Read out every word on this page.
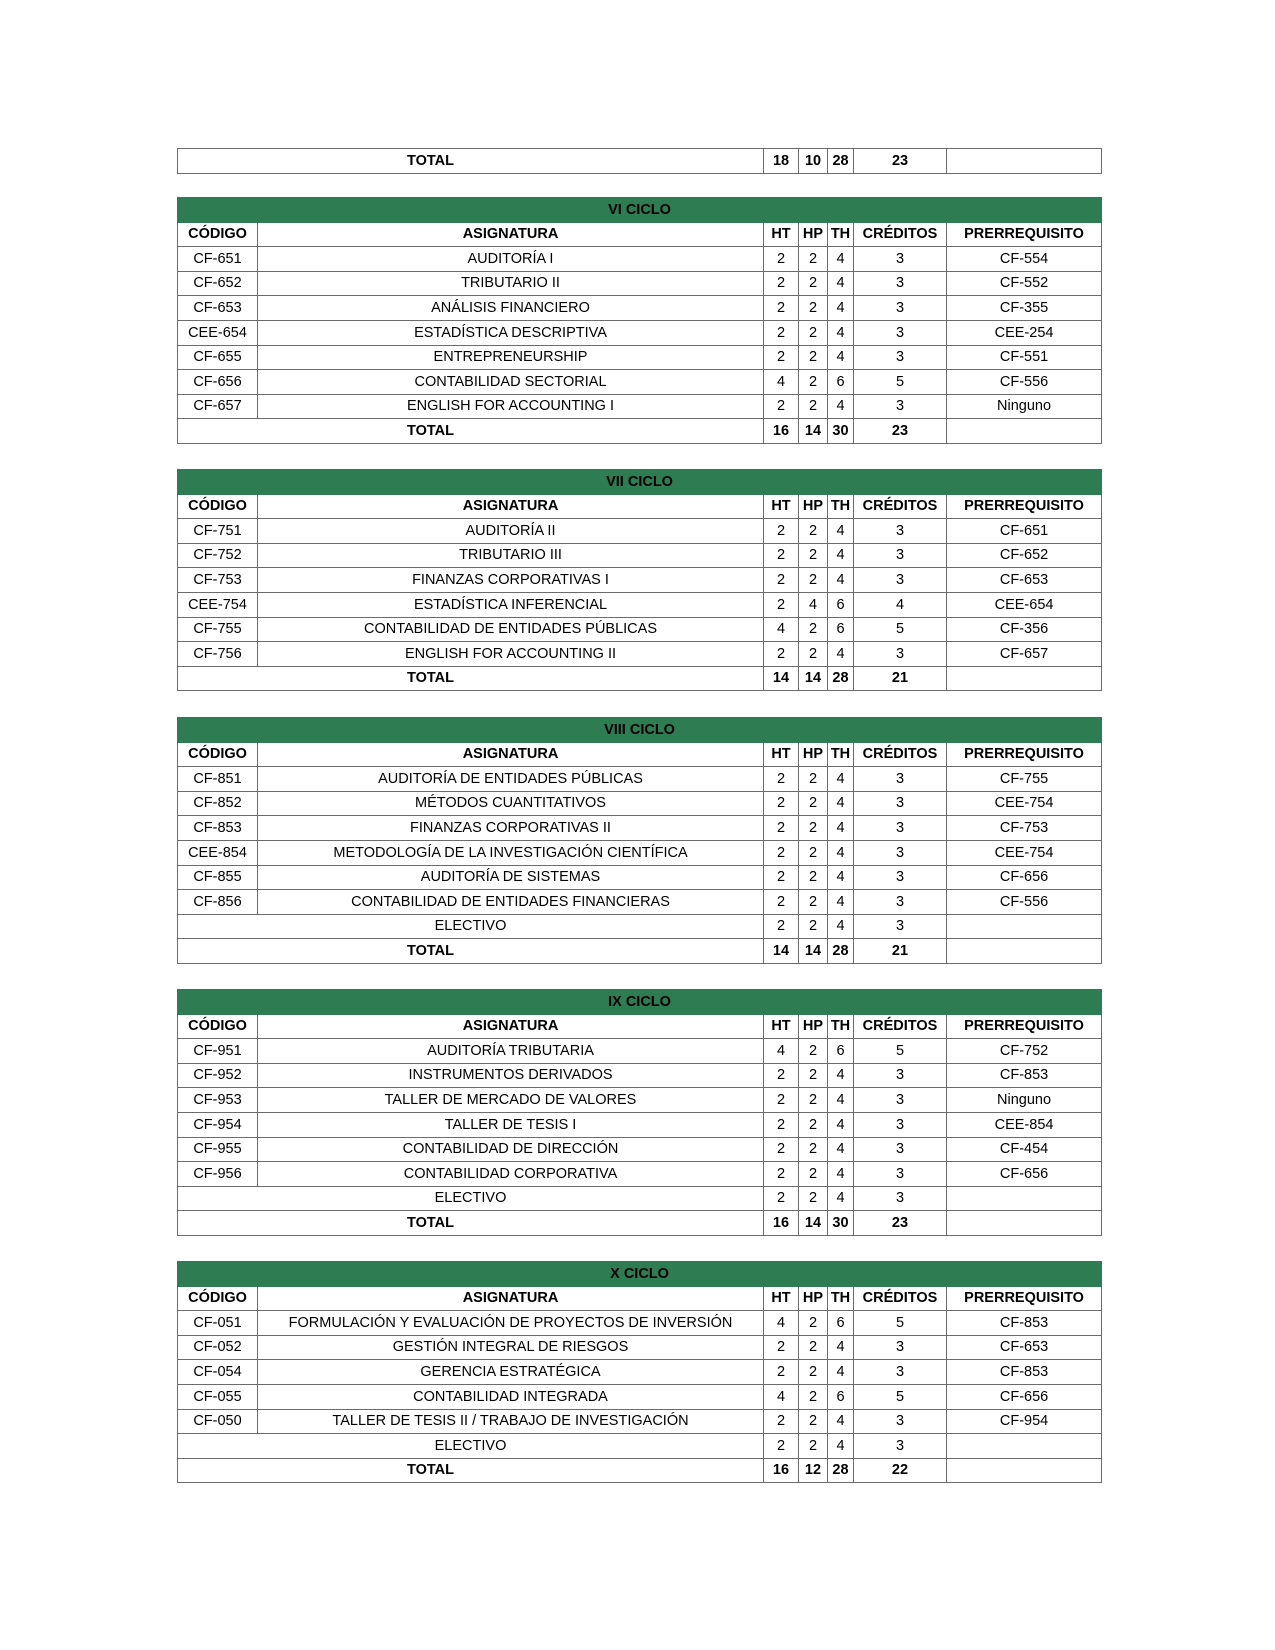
TOTAL	18	10	28	23	
VI CICLO						
CÓDIGO	ASIGNATURA	HT	HP	TH	CRÉDITOS	PRERREQUISITO
CF-651	AUDITORÍA I	2	2	4	3	CF-554
CF-652	TRIBUTARIO II	2	2	4	3	CF-552
CF-653	ANÁLISIS FINANCIERO	2	2	4	3	CF-355
CEE-654	ESTADÍSTICA DESCRIPTIVA	2	2	4	3	CEE-254
CF-655	ENTREPRENEURSHIP	2	2	4	3	CF-551
CF-656	CONTABILIDAD SECTORIAL	4	2	6	5	CF-556
CF-657	ENGLISH FOR ACCOUNTING I	2	2	4	3	Ninguno
TOTAL		16	14	30	23	
VII CICLO						
CÓDIGO	ASIGNATURA	HT	HP	TH	CRÉDITOS	PRERREQUISITO
CF-751	AUDITORÍA II	2	2	4	3	CF-651
CF-752	TRIBUTARIO III	2	2	4	3	CF-652
CF-753	FINANZAS CORPORATIVAS I	2	2	4	3	CF-653
CEE-754	ESTADÍSTICA INFERENCIAL	2	4	6	4	CEE-654
CF-755	CONTABILIDAD DE ENTIDADES PÚBLICAS	4	2	6	5	CF-356
CF-756	ENGLISH FOR ACCOUNTING II	2	2	4	3	CF-657
TOTAL		14	14	28	21	
VIII CICLO						
CÓDIGO	ASIGNATURA	HT	HP	TH	CRÉDITOS	PRERREQUISITO
CF-851	AUDITORÍA DE ENTIDADES PÚBLICAS	2	2	4	3	CF-755
CF-852	MÉTODOS CUANTITATIVOS	2	2	4	3	CEE-754
CF-853	FINANZAS CORPORATIVAS II	2	2	4	3	CF-753
CEE-854	METODOLOGÍA DE LA INVESTIGACIÓN CIENTÍFICA	2	2	4	3	CEE-754
CF-855	AUDITORÍA DE SISTEMAS	2	2	4	3	CF-656
CF-856	CONTABILIDAD DE ENTIDADES FINANCIERAS	2	2	4	3	CF-556
ELECTIVO		2	2	4	3	
TOTAL		14	14	28	21	
IX CICLO						
CÓDIGO	ASIGNATURA	HT	HP	TH	CRÉDITOS	PRERREQUISITO
CF-951	AUDITORÍA TRIBUTARIA	4	2	6	5	CF-752
CF-952	INSTRUMENTOS DERIVADOS	2	2	4	3	CF-853
CF-953	TALLER DE MERCADO DE VALORES	2	2	4	3	Ninguno
CF-954	TALLER DE TESIS I	2	2	4	3	CEE-854
CF-955	CONTABILIDAD DE DIRECCIÓN	2	2	4	3	CF-454
CF-956	CONTABILIDAD CORPORATIVA	2	2	4	3	CF-656
ELECTIVO		2	2	4	3	
TOTAL		16	14	30	23	
X CICLO						
CÓDIGO	ASIGNATURA	HT	HP	TH	CRÉDITOS	PRERREQUISITO
CF-051	FORMULACIÓN Y EVALUACIÓN DE PROYECTOS DE INVERSIÓN	4	2	6	5	CF-853
CF-052	GESTIÓN INTEGRAL DE RIESGOS	2	2	4	3	CF-653
CF-054	GERENCIA ESTRATÉGICA	2	2	4	3	CF-853
CF-055	CONTABILIDAD INTEGRADA	4	2	6	5	CF-656
CF-050	TALLER DE TESIS II / TRABAJO DE INVESTIGACIÓN	2	2	4	3	CF-954
ELECTIVO		2	2	4	3	
TOTAL		16	12	28	22	
